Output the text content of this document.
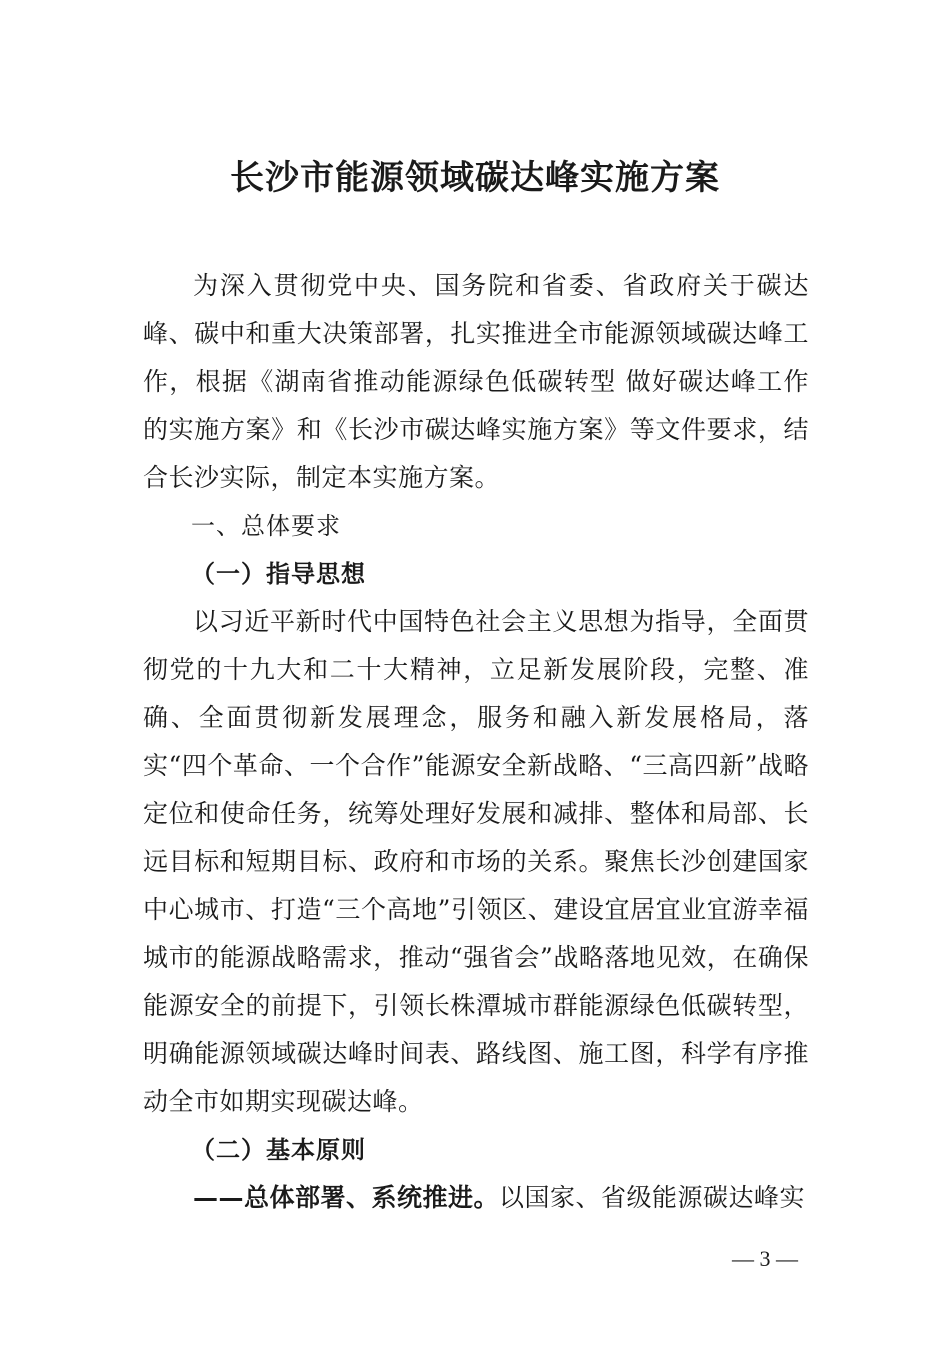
长沙市能源领域碳达峰实施方案

为深入贯彻党中央、国务院和省委、省政府关于碳达峰、碳中和重大决策部署，扎实推进全市能源领域碳达峰工作，根据《湖南省推动能源绿色低碳转型 做好碳达峰工作的实施方案》和《长沙市碳达峰实施方案》等文件要求，结合长沙实际，制定本实施方案。

一、总体要求

（一）指导思想

以习近平新时代中国特色社会主义思想为指导，全面贯彻党的十九大和二十大精神，立足新发展阶段，完整、准确、全面贯彻新发展理念，服务和融入新发展格局，落实“四个革命、一个合作”能源安全新战略、“三高四新”战略定位和使命任务，统筹处理好发展和减排、整体和局部、长远目标和短期目标、政府和市场的关系。聚焦长沙创建国家中心城市、打造“三个高地”引领区、建设宜居宜业宜游幸福城市的能源战略需求，推动“强省会”战略落地见效，在确保能源安全的前提下，引领长株潭城市群能源绿色低碳转型，明确能源领域碳达峰时间表、路线图、施工图，科学有序推动全市如期实现碳达峰。

（二）基本原则

——总体部署、系统推进。以国家、省级能源碳达峰实

— 3 —
